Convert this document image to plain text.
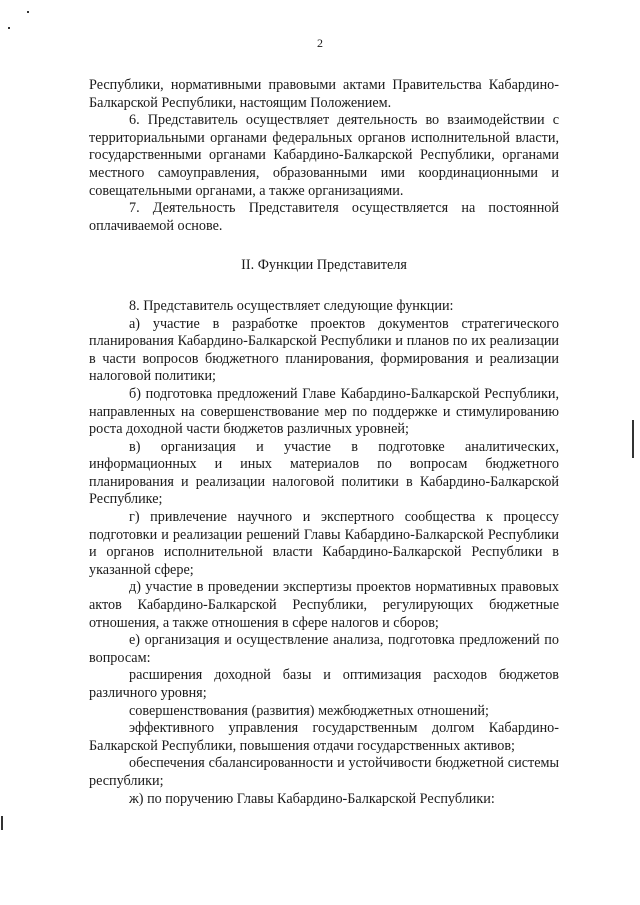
2

Республики, нормативными правовыми актами Правительства Кабардино-Балкарской Республики, настоящим Положением.

6. Представитель осуществляет деятельность во взаимодействии с территориальными органами федеральных органов исполнительной власти, государственными органами Кабардино-Балкарской Республики, органами местного самоуправления, образованными ими координационными и совещательными органами, а также организациями.

7. Деятельность Представителя осуществляется на постоянной оплачиваемой основе.

II. Функции Представителя

8. Представитель осуществляет следующие функции:

а) участие в разработке проектов документов стратегического планирования Кабардино-Балкарской Республики и планов по их реализации в части вопросов бюджетного планирования, формирования и реализации налоговой политики;

б) подготовка предложений Главе Кабардино-Балкарской Республики, направленных на совершенствование мер по поддержке и стимулированию роста доходной части бюджетов различных уровней;

в) организация и участие в подготовке аналитических, информационных и иных материалов по вопросам бюджетного планирования и реализации налоговой политики в Кабардино-Балкарской Республике;

г) привлечение научного и экспертного сообщества к процессу подготовки и реализации решений Главы Кабардино-Балкарской Республики и органов исполнительной власти Кабардино-Балкарской Республики в указанной сфере;

д) участие в проведении экспертизы проектов нормативных правовых актов Кабардино-Балкарской Республики, регулирующих бюджетные отношения, а также отношения в сфере налогов и сборов;

е) организация и осуществление анализа, подготовка предложений по вопросам:

расширения доходной базы и оптимизация расходов бюджетов различного уровня;

совершенствования (развития) межбюджетных отношений;

эффективного управления государственным долгом Кабардино-Балкарской Республики, повышения отдачи государственных активов;

обеспечения сбалансированности и устойчивости бюджетной системы республики;

ж) по поручению Главы Кабардино-Балкарской Республики:
